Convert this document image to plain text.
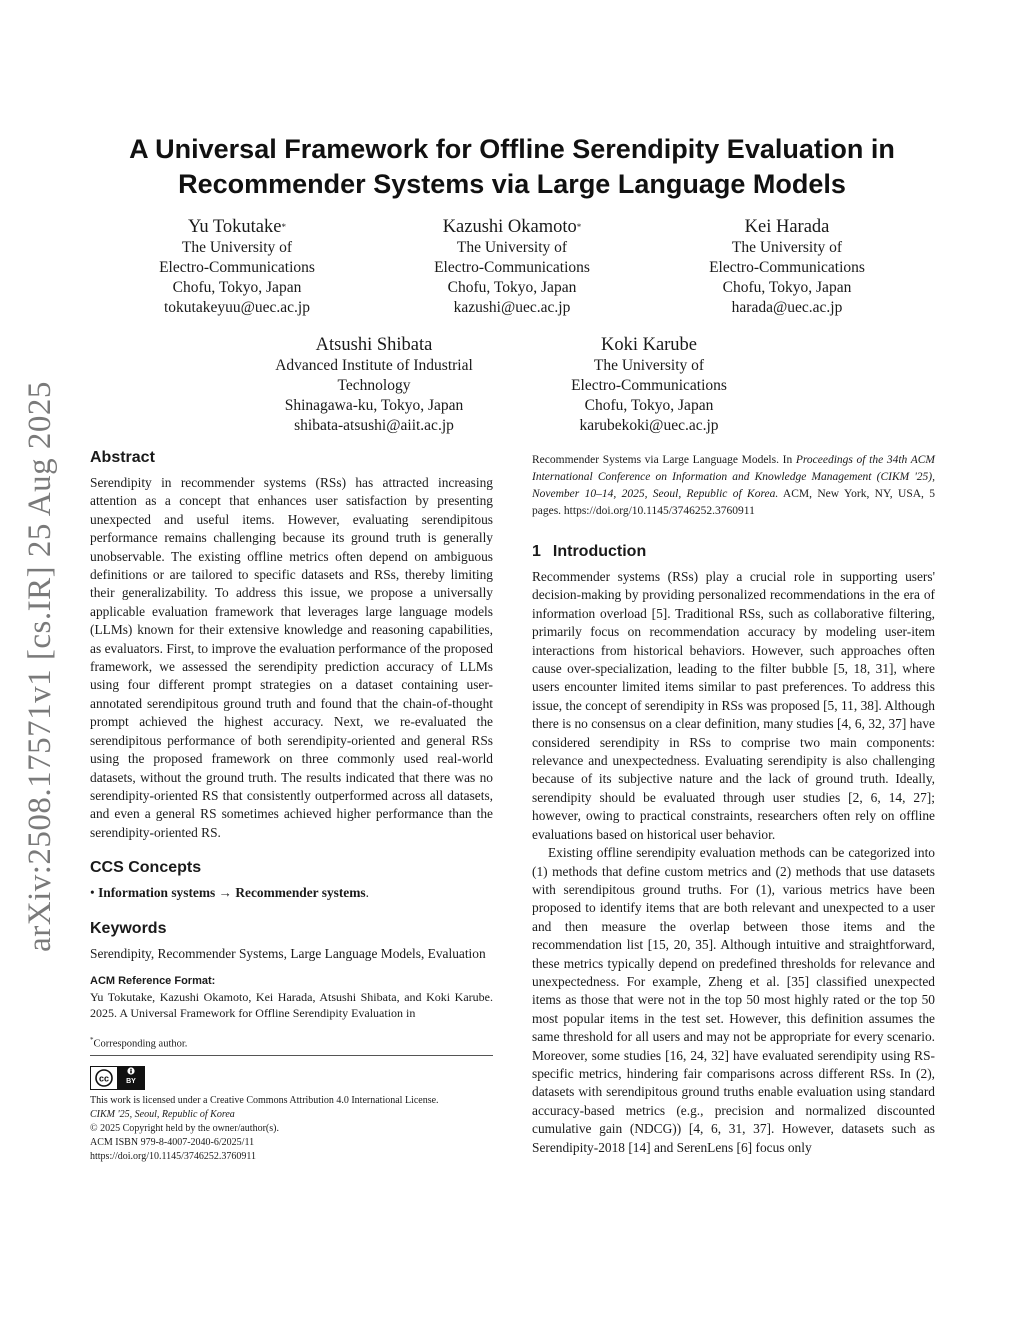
arXiv:2508.17571v1 [cs.IR] 25 Aug 2025
A Universal Framework for Offline Serendipity Evaluation in
Recommender Systems via Large Language Models
Yu Tokutake*
The University of
Electro-Communications
Chofu, Tokyo, Japan
tokutakeyuu@uec.ac.jp
Kazushi Okamoto*
The University of
Electro-Communications
Chofu, Tokyo, Japan
kazushi@uec.ac.jp
Kei Harada
The University of
Electro-Communications
Chofu, Tokyo, Japan
harada@uec.ac.jp
Atsushi Shibata
Advanced Institute of Industrial
Technology
Shinagawa-ku, Tokyo, Japan
shibata-atsushi@aiit.ac.jp
Koki Karube
The University of
Electro-Communications
Chofu, Tokyo, Japan
karubekoki@uec.ac.jp
Abstract

Serendipity in recommender systems (RSs) has attracted increasing attention as a concept that enhances user satisfaction by presenting unexpected and useful items. However, evaluating serendipitous performance remains challenging because its ground truth is generally unobservable. The existing offline metrics often depend on ambiguous definitions or are tailored to specific datasets and RSs, thereby limiting their generalizability. To address this issue, we propose a universally applicable evaluation framework that leverages large language models (LLMs) known for their extensive knowledge and reasoning capabilities, as evaluators. First, to improve the evaluation performance of the proposed framework, we assessed the serendipity prediction accuracy of LLMs using four different prompt strategies on a dataset containing user-annotated serendipitous ground truth and found that the chain-of-thought prompt achieved the highest accuracy. Next, we re-evaluated the serendipitous performance of both serendipity-oriented and general RSs using the proposed framework on three commonly used real-world datasets, without the ground truth. The results indicated that there was no serendipity-oriented RS that consistently outperformed across all datasets, and even a general RS sometimes achieved higher performance than the serendipity-oriented RS.

CCS Concepts

• Information systems → Recommender systems.

Keywords

Serendipity, Recommender Systems, Large Language Models, Evaluation

ACM Reference Format:

Yu Tokutake, Kazushi Okamoto, Kei Harada, Atsushi Shibata, and Koki Karube. 2025. A Universal Framework for Offline Serendipity Evaluation in

*Corresponding author.
cc BY
This work is licensed under a Creative Commons Attribution 4.0 International License.
CIKM '25, Seoul, Republic of Korea
© 2025 Copyright held by the owner/author(s).
ACM ISBN 979-8-4007-2040-6/2025/11
https://doi.org/10.1145/3746252.3760911

Recommender Systems via Large Language Models. In Proceedings of the 34th ACM International Conference on Information and Knowledge Management (CIKM '25), November 10–14, 2025, Seoul, Republic of Korea. ACM, New York, NY, USA, 5 pages. https://doi.org/10.1145/3746252.3760911

1 Introduction

Recommender systems (RSs) play a crucial role in supporting users' decision-making by providing personalized recommendations in the era of information overload [5]. Traditional RSs, such as collaborative filtering, primarily focus on recommendation accuracy by modeling user-item interactions from historical behaviors. However, such approaches often cause over-specialization, leading to the filter bubble [5, 18, 31], where users encounter limited items similar to past preferences. To address this issue, the concept of serendipity in RSs was proposed [5, 11, 38]. Although there is no consensus on a clear definition, many studies [4, 6, 32, 37] have considered serendipity in RSs to comprise two main components: relevance and unexpectedness. Evaluating serendipity is also challenging because of its subjective nature and the lack of ground truth. Ideally, serendipity should be evaluated through user studies [2, 6, 14, 27]; however, owing to practical constraints, researchers often rely on offline evaluations based on historical user behavior.

Existing offline serendipity evaluation methods can be categorized into (1) methods that define custom metrics and (2) methods that use datasets with serendipitous ground truths. For (1), various metrics have been proposed to identify items that are both relevant and unexpected to a user and then measure the overlap between those items and the recommendation list [15, 20, 35]. Although intuitive and straightforward, these metrics typically depend on predefined thresholds for relevance and unexpectedness. For example, Zheng et al. [35] classified unexpected items as those that were not in the top 50 most highly rated or the top 50 most popular items in the test set. However, this definition assumes the same threshold for all users and may not be appropriate for every scenario. Moreover, some studies [16, 24, 32] have evaluated serendipity using RS-specific metrics, hindering fair comparisons across different RSs. In (2), datasets with serendipitous ground truths enable evaluation using standard accuracy-based metrics (e.g., precision and normalized discounted cumulative gain (NDCG)) [4, 6, 31, 37]. However, datasets such as Serendipity-2018 [14] and SerenLens [6] focus only
